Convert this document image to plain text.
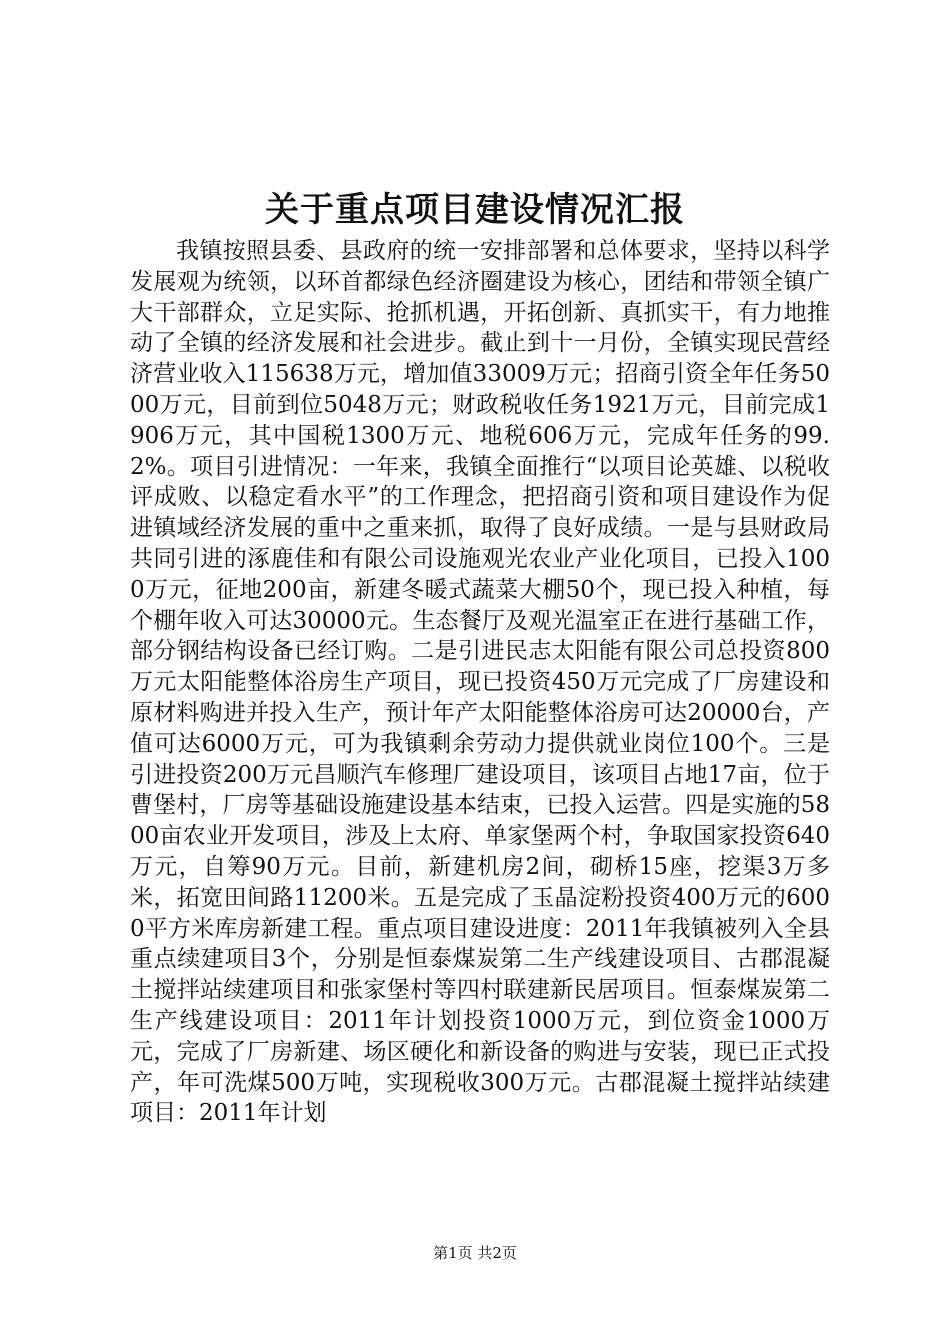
关于重点项目建设情况汇报

我镇按照县委、县政府的统一安排部署和总体要求，坚持以科学发展观为统领，以环首都绿色经济圈建设为核心，团结和带领全镇广大干部群众，立足实际、抢抓机遇，开拓创新、真抓实干，有力地推动了全镇的经济发展和社会进步。截止到十一月份，全镇实现民营经济营业收入115638万元，增加值33009万元；招商引资全年任务5000万元，目前到位5048万元；财政税收任务1921万元，目前完成1906万元，其中国税1300万元、地税606万元，完成年任务的99.2%。项目引进情况：一年来，我镇全面推行“以项目论英雄、以税收评成败、以稳定看水平”的工作理念，把招商引资和项目建设作为促进镇域经济发展的重中之重来抓，取得了良好成绩。一是与县财政局共同引进的涿鹿佳和有限公司设施观光农业产业化项目，已投入1000万元，征地200亩，新建冬暖式蔬菜大棚50个，现已投入种植，每个棚年收入可达30000元。生态餐厅及观光温室正在进行基础工作，部分钢结构设备已经订购。二是引进民志太阳能有限公司总投资800万元太阳能整体浴房生产项目，现已投资450万元完成了厂房建设和原材料购进并投入生产，预计年产太阳能整体浴房可达20000台，产值可达6000万元，可为我镇剩余劳动力提供就业岗位100个。三是引进投资200万元昌顺汽车修理厂建设项目，该项目占地17亩，位于曹堡村，厂房等基础设施建设基本结束，已投入运营。四是实施的5800亩农业开发项目，涉及上太府、单家堡两个村，争取国家投资640万元，自筹90万元。目前，新建机房2间，砌桥15座，挖渠3万多米，拓宽田间路11200米。五是完成了玉晶淀粉投资400万元的6000平方米库房新建工程。重点项目建设进度：2011年我镇被列入全县重点续建项目3个，分别是恒泰煤炭第二生产线建设项目、古郡混凝土搅拌站续建项目和张家堡村等四村联建新民居项目。恒泰煤炭第二生产线建设项目：2011年计划投资1000万元，到位资金1000万元，完成了厂房新建、场区硬化和新设备的购进与安装，现已正式投产，年可洗煤500万吨，实现税收300万元。古郡混凝土搅拌站续建项目：2011年计划

第1页 共2页
